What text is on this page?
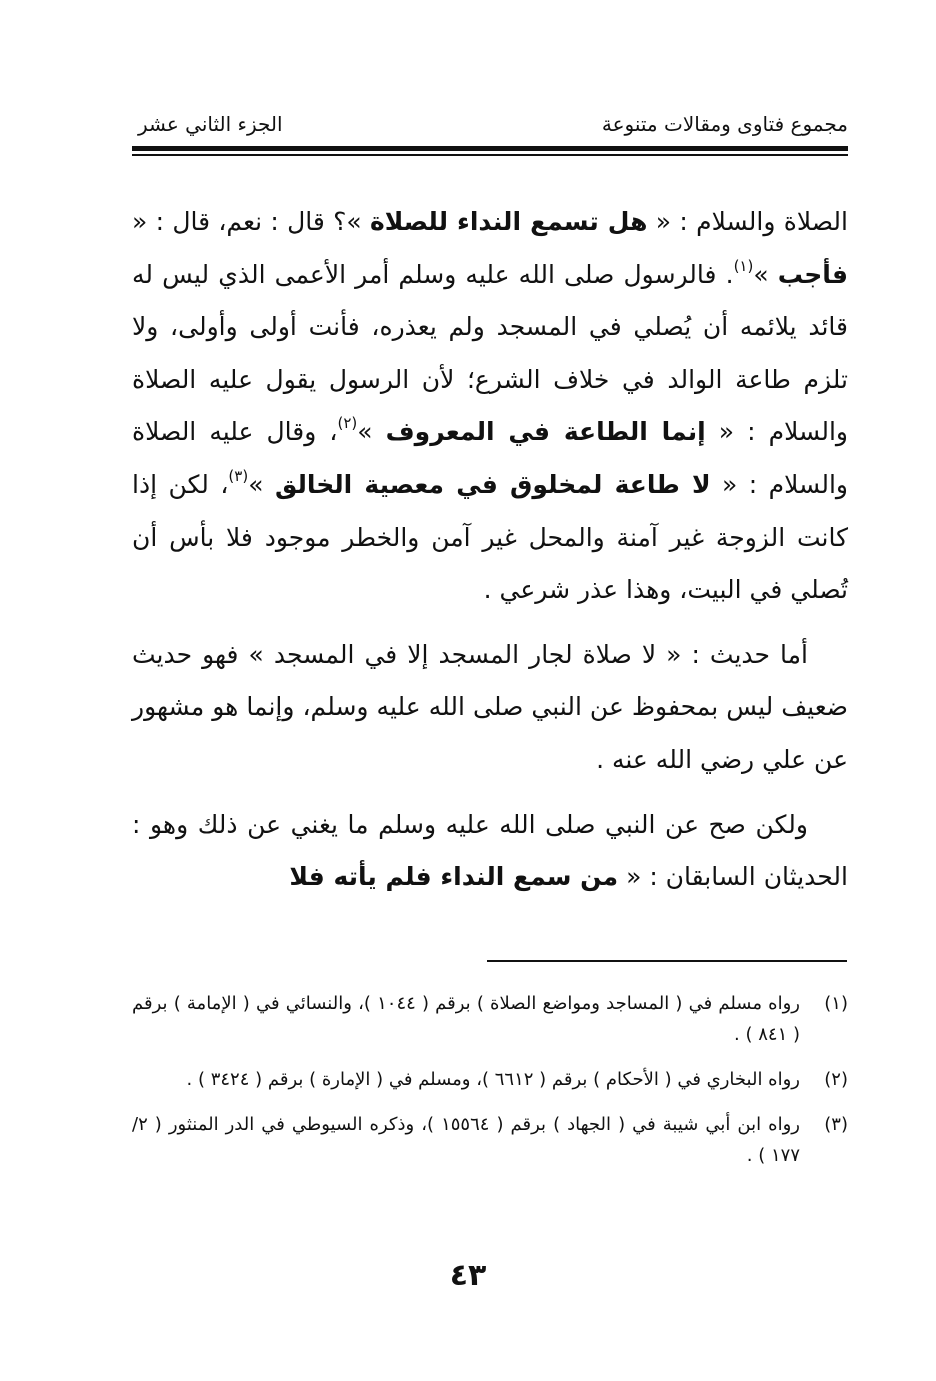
مجموع فتاوى ومقالات متنوعة
الجزء الثاني عشر

الصلاة والسلام : « هل تسمع النداء للصلاة »؟ قال : نعم، قال : « فأجب »$^{(١)}$. فالرسول صلى الله عليه وسلم أمر الأعمى الذي ليس له قائد يلائمه أن يُصلي في المسجد ولم يعذره، فأنت أولى وأولى، ولا تلزم طاعة الوالد في خلاف الشرع؛ لأن الرسول يقول عليه الصلاة والسلام : « إنما الطاعة في المعروف »$^{(٢)}$، وقال عليه الصلاة والسلام : « لا طاعة لمخلوق في معصية الخالق »$^{(٣)}$، لكن إذا كانت الزوجة غير آمنة والمحل غير آمن والخطر موجود فلا بأس أن تُصلي في البيت، وهذا عذر شرعي .

أما حديث : « لا صلاة لجار المسجد إلا في المسجد » فهو حديث ضعيف ليس بمحفوظ عن النبي صلى الله عليه وسلم، وإنما هو مشهور عن علي رضي الله عنه .

ولكن صح عن النبي صلى الله عليه وسلم ما يغني عن ذلك وهو : الحديثان السابقان : « من سمع النداء فلم يأته فلا

(١)
رواه مسلم في ( المساجد ومواضع الصلاة ) برقم ( ١٠٤٤ )، والنسائي في ( الإمامة ) برقم ( ٨٤١ ) .
(٢)
رواه البخاري في ( الأحكام ) برقم ( ٦٦١٢ )، ومسلم في ( الإمارة ) برقم ( ٣٤٢٤ ) .
(٣)
رواه ابن أبي شيبة في ( الجهاد ) برقم ( ١٥٥٦٤ )، وذكره السيوطي في الدر المنثور ( ٢/ ١٧٧ ) .
٤٣
